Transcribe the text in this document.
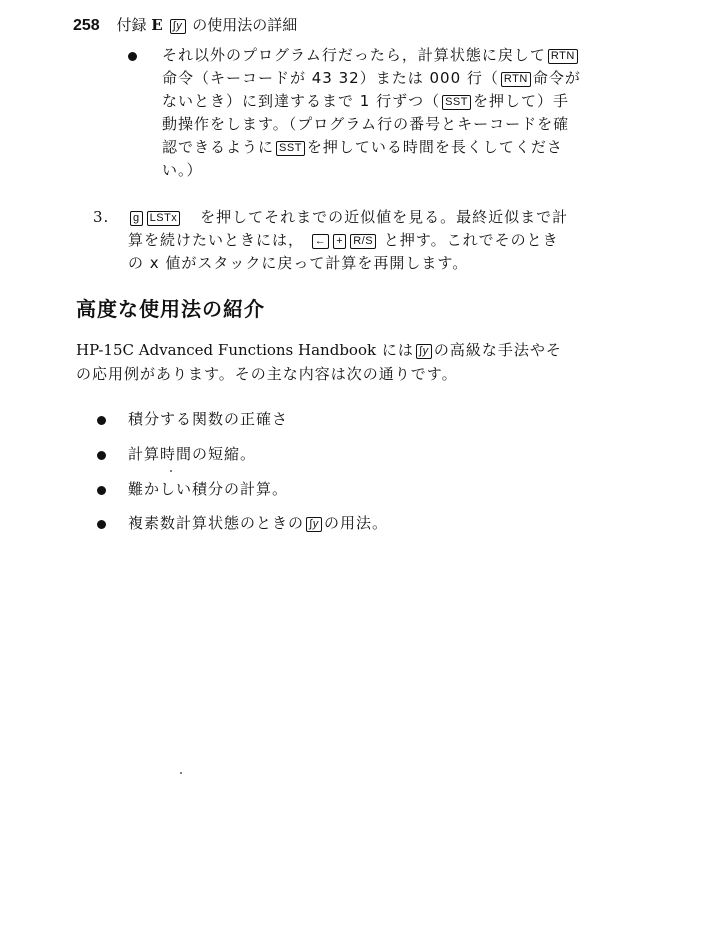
258 付録 E ∫y の使用法の詳細
それ以外のプログラム行だったら，計算状態に戻して RTN
命令（キーコードが 43 32）または 000 行（ RTN 命令が
ないとき）に到達するまで 1 行ずつ（ SST を押して）手
動操作をします。（プログラム行の番号とキーコードを確
認できるように SST を押している時間を長くしてくださ
い。）
3.	g LSTx を押してそれまでの近似値を見る。最終近似まで計
算を続けたいときには， ← + R/S と押す。これでそのとき
の x 値がスタックに戻って計算を再開します。
高度な使用法の紹介
HP-15C Advanced Functions Handbook には ∫y の高級な手法やそ
の応用例があります。その主な内容は次の通りです。
積分する関数の正確さ
計算時間の短縮。
難かしい積分の計算。
複素数計算状態のときの ∫y の用法。
